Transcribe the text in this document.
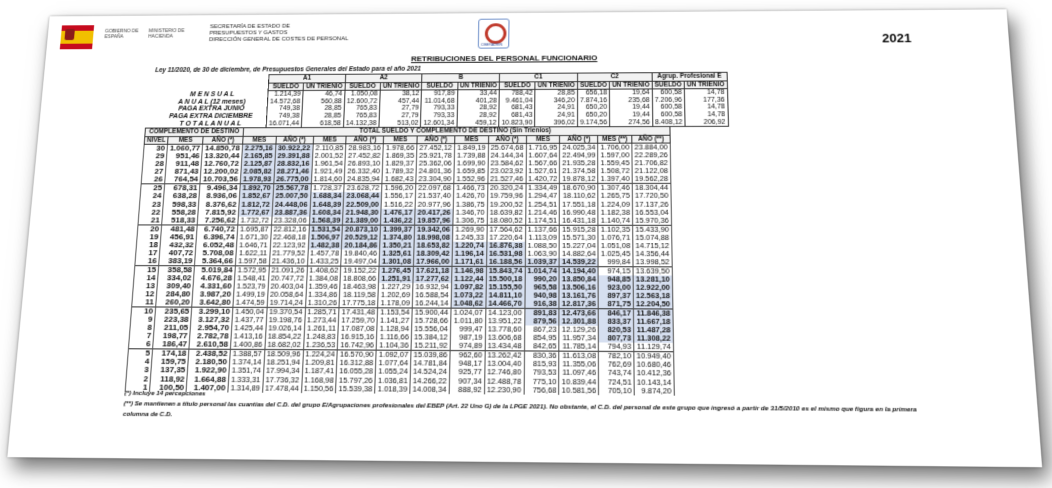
GOBIERNO DE ESPAÑA
MINISTERIO DE HACIENDA
SECRETARÍA DE ESTADO DE
PRESUPUESTOS Y GASTOS
DIRECCIÓN GENERAL DE COSTES DE PERSONAL
CIBERADMIN	2021
RETRIBUCIONES DEL PERSONAL FUNCIONARIO
Ley 11/2020, de 30 de diciembre, de Presupuestos Generales del Estado para el año 2021
	A1		A2		B		C1		C2		Agrup. Profesional E	
	SUELDO	UN TRIENIO	SUELDO	UN TRIENIO	SUELDO	UN TRIENIO	SUELDO	UN TRIENIO	SUELDO	UN TRIENIO	SUELDO	UN TRIENIO
M E N S U A L	1.214,39	46,74	1.050,08	38,12	917,89	33,44	788,42	28,85	656,18	19,64	600,58	14,78
A N U A L (12 meses)	14.572,68	560,88	12.600,72	457,44	11.014,68	401,28	9.461,04	346,20	7.874,16	235,68	7.206,96	177,36
PAGA EXTRA JUNIO	749,38	28,85	765,83	27,79	793,33	28,92	681,43	24,91	650,20	19,44	600,58	14,78
PAGA EXTRA DICIEMBRE	749,38	28,85	765,83	27,79	793,33	28,92	681,43	24,91	650,20	19,44	600,58	14,78
T O T A L A N U A L	16.071,44	618,58	14.132,38	513,02	12.601,34	459,12	10.823,90	396,02	9.174,56	274,56	8.408,12	206,92
COMPLEMENTO DE DESTINO			TOTAL SUELDO Y COMPLEMENTO DE DESTINO (Sin Trienios)											
NIVEL	MES	AÑO (*)	MES	AÑO (*)	MES	AÑO (*)	MES	AÑO (*)	MES	AÑO (*)	MES	AÑO (*)	MES (**)	AÑO (**)
30	1.060,77	14.850,78	2.275,16	30.922,22	2.110,85	28.983,16	1.978,66	27.452,12	1.849,19	25.674,68	1.716,95	24.025,34	1.706,00	23.884,00
29	951,46	13.320,44	2.165,85	29.391,88	2.001,52	27.452,82	1.869,35	25.921,78	1.739,88	24.144,34	1.607,64	22.494,99	1.597,00	22.289,26
28	911,48	12.760,72	2.125,87	28.832,16	1.961,54	26.893,10	1.829,37	25.362,06	1.699,90	23.584,62	1.567,66	21.935,28	1.559,45	21.706,82
27	871,43	12.200,02	2.085,82	28.271,46	1.921,49	26.332,40	1.789,32	24.801,36	1.659,85	23.023,92	1.527,61	21.374,58	1.508,72	21.122,08
26	764,54	10.703,56	1.978,93	26.775,00	1.814,60	24.835,94	1.682,43	23.304,90	1.552,96	21.527,46	1.420,72	19.878,12	1.397,40	19.562,28
25	678,31	9.496,34	1.892,70	25.567,78	1.728,37	23.628,72	1.596,20	22.097,68	1.466,73	20.320,24	1.334,49	18.670,90	1.307,46	18.304,44
24	638,28	8.936,06	1.852,67	25.007,50	1.688,34	23.068,44	1.556,17	21.537,40	1.426,70	19.759,96	1.294,47	18.110,62	1.265,75	17.720,50
23	598,33	8.376,62	1.812,72	24.448,06	1.648,39	22.509,00	1.516,22	20.977,96	1.386,75	19.200,52	1.254,51	17.551,18	1.224,09	17.137,26
22	558,28	7.815,92	1.772,67	23.887,36	1.608,34	21.948,30	1.476,17	20.417,26	1.346,70	18.639,82	1.214,46	16.990,48	1.182,38	16.553,04
21	518,33	7.256,62	1.732,72	23.328,06	1.568,39	21.389,00	1.436,22	19.857,96	1.306,75	18.080,52	1.174,51	16.431,18	1.140,74	15.970,36
20	481,48	6.740,72	1.695,87	22.812,16	1.531,54	20.873,10	1.399,37	19.342,06	1.269,90	17.564,62	1.137,66	15.915,28	1.102,35	15.433,90
19	456,91	6.396,74	1.671,30	22.468,18	1.506,97	20.529,12	1.374,80	18.998,08	1.245,33	17.220,64	1.113,09	15.571,30	1.076,71	15.074,88
18	432,32	6.052,48	1.646,71	22.123,92	1.482,38	20.184,86	1.350,21	18.653,82	1.220,74	16.876,38	1.088,50	15.227,04	1.051,08	14.715,12
17	407,72	5.708,08	1.622,11	21.779,52	1.457,78	19.840,46	1.325,61	18.309,42	1.196,14	16.531,98	1.063,90	14.882,64	1.025,45	14.356,44
16	383,19	5.364,66	1.597,58	21.436,10	1.433,25	19.497,04	1.301,08	17.966,00	1.171,61	16.188,56	1.039,37	14.539,22	999,84	13.998,52
15	358,58	5.019,84	1.572,95	21.091,26	1.408,62	19.152,22	1.276,45	17.621,18	1.146,98	15.843,74	1.014,74	14.194,40	974,15	13.639,50
14	334,02	4.676,28	1.548,41	20.747,72	1.384,08	18.808,66	1.251,91	17.277,62	1.122,44	15.500,18	990,20	13.850,84	948,85	13.281,10
13	309,40	4.331,60	1.523,79	20.403,04	1.359,46	18.463,98	1.227,29	16.932,94	1.097,82	15.155,50	965,58	13.506,16	923,00	12.922,00
12	284,80	3.987,20	1.499,19	20.058,64	1.334,86	18.119,58	1.202,69	16.588,54	1.073,22	14.811,10	940,98	13.161,76	897,37	12.563,18
11	260,20	3.642,80	1.474,59	19.714,24	1.310,26	17.775,18	1.178,09	16.244,14	1.048,62	14.466,70	916,38	12.817,36	871,75	12.204,50
10	235,65	3.299,10	1.450,04	19.370,54	1.285,71	17.431,48	1.153,54	15.900,44	1.024,07	14.123,00	891,83	12.473,66	846,17	11.846,38
9	223,38	3.127,32	1.437,77	19.198,76	1.273,44	17.259,70	1.141,27	15.728,66	1.011,80	13.951,22	879,56	12.301,88	833,37	11.667,18
8	211,05	2.954,70	1.425,44	19.026,14	1.261,11	17.087,08	1.128,94	15.556,04	999,47	13.778,60	867,23	12.129,26	820,53	11.487,28
7	198,77	2.782,78	1.413,16	18.854,22	1.248,83	16.915,16	1.116,66	15.384,12	987,19	13.606,68	854,95	11.957,34	807,73	11.308,22
6	186,47	2.610,58	1.400,86	18.682,02	1.236,53	16.742,96	1.104,36	15.211,92	974,89	13.434,48	842,65	11.785,14	794,93	11.129,74
5	174,18	2.438,52	1.388,57	18.509,96	1.224,24	16.570,90	1.092,07	15.039,86	962,60	13.262,42	830,36	11.613,08	782,10	10.949,40
4	159,75	2.180,50	1.374,14	18.251,94	1.209,81	16.312,88	1.077,64	14.781,84	948,17	13.004,40	815,93	11.355,06	762,69	10.680,46
3	137,35	1.922,90	1.351,74	17.994,34	1.187,41	16.055,28	1.055,24	14.524,24	925,77	12.746,80	793,53	11.097,46	743,74	10.412,36
2	118,92	1.664,88	1.333,31	17.736,32	1.168,98	15.797,26	1.036,81	14.266,22	907,34	12.488,78	775,10	10.839,44	724,51	10.143,14
1	100,50	1.407,00	1.314,89	17.478,44	1.150,56	15.539,38	1.018,39	14.008,34	888,92	12.230,90	756,68	10.581,56	705,10	9.874,20
(*) Incluye 14 percepciones
(**) Se mantienen a título personal las cuantías del C.D. del grupo E/Agrupaciones profesionales del EBEP (Art. 22 Uno G) de la LPGE 2021). No obstante, el C.D. del personal de este grupo que ingresó a partir de 31/5/2010 es el mismo que figura en la primera columna de C.D.
